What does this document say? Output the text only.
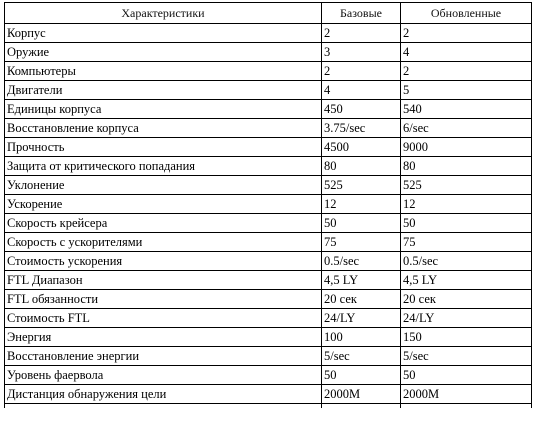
Характеристики	Базовые	Обновленные
Корпус	2	2
Оружие	3	4
Компьютеры	2	2
Двигатели	4	5
Единицы корпуса	450	540
Восстановление корпуса	3.75/sec	6/sec
Прочность	4500	9000
Защита от критического попадания	80	80
Уклонение	525	525
Ускорение	12	12
Скорость крейсера	50	50
Скорость с ускорителями	75	75
Стоимость ускорения	0.5/sec	0.5/sec
FTL Диапазон	4,5 LY	4,5 LY
FTL обязанности	20 сек	20 сек
Стоимость FTL	24/LY	24/LY
Энергия	100	150
Восстановление энергии	5/sec	5/sec
Уровень фаервола	50	50
Дистанция обнаружения цели	2000M	2000M
